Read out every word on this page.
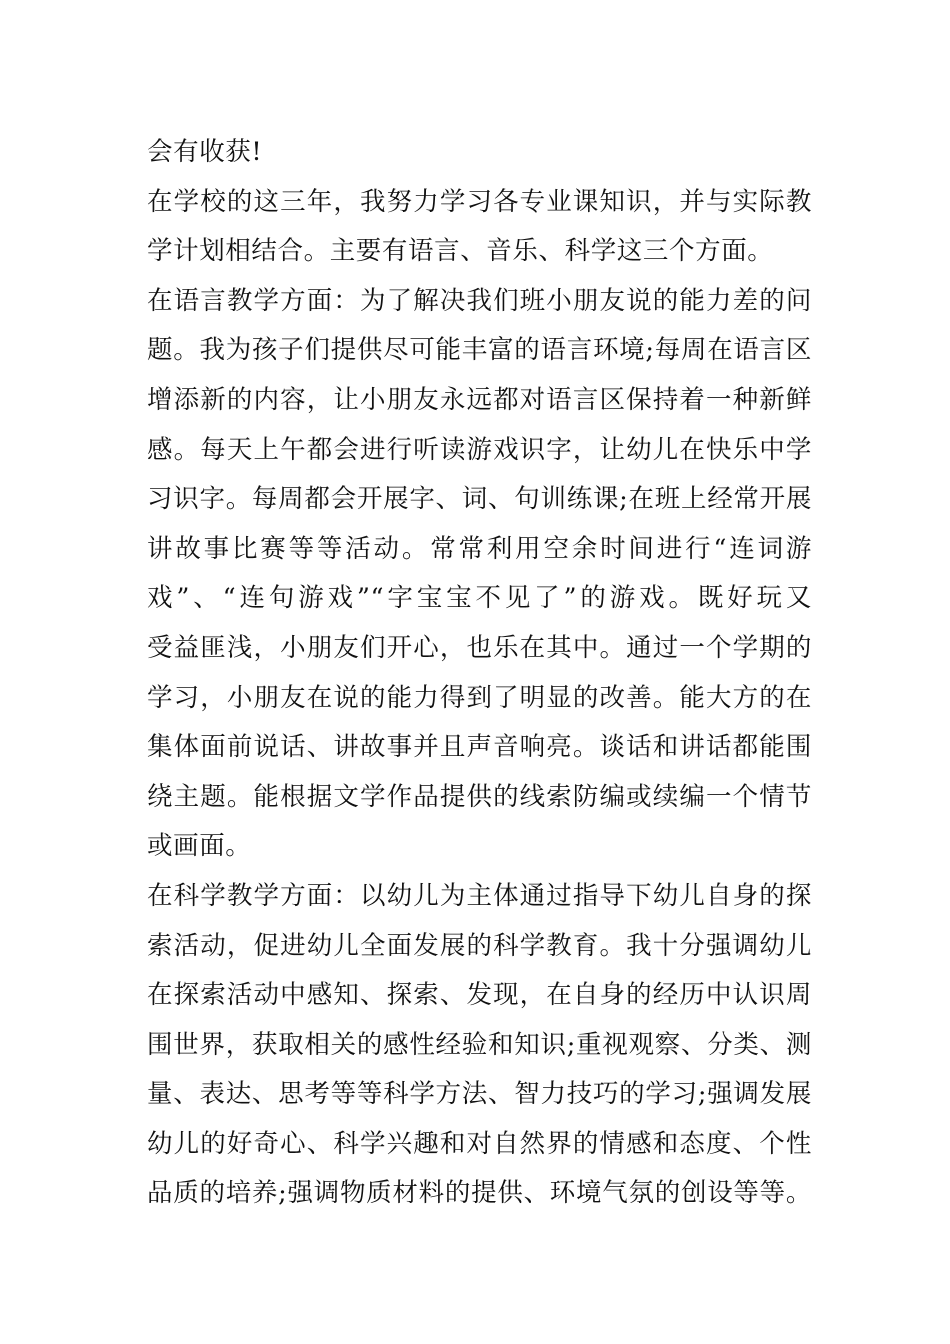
会有收获!
在学校的这三年，我努力学习各专业课知识，并与实际教
学计划相结合。主要有语言、音乐、科学这三个方面。
在语言教学方面：为了解决我们班小朋友说的能力差的问
题。我为孩子们提供尽可能丰富的语言环境;每周在语言区
增添新的内容，让小朋友永远都对语言区保持着一种新鲜
感。每天上午都会进行听读游戏识字，让幼儿在快乐中学
习识字。每周都会开展字、词、句训练课;在班上经常开展
讲故事比赛等等活动。常常利用空余时间进行“连词游
戏”、“连句游戏”“字宝宝不见了”的游戏。既好玩又
受益匪浅，小朋友们开心，也乐在其中。通过一个学期的
学习，小朋友在说的能力得到了明显的改善。能大方的在
集体面前说话、讲故事并且声音响亮。谈话和讲话都能围
绕主题。能根据文学作品提供的线索防编或续编一个情节
或画面。
在科学教学方面：以幼儿为主体通过指导下幼儿自身的探
索活动，促进幼儿全面发展的科学教育。我十分强调幼儿
在探索活动中感知、探索、发现，在自身的经历中认识周
围世界，获取相关的感性经验和知识;重视观察、分类、测
量、表达、思考等等科学方法、智力技巧的学习;强调发展
幼儿的好奇心、科学兴趣和对自然界的情感和态度、个性
品质的培养;强调物质材料的提供、环境气氛的创设等等。
